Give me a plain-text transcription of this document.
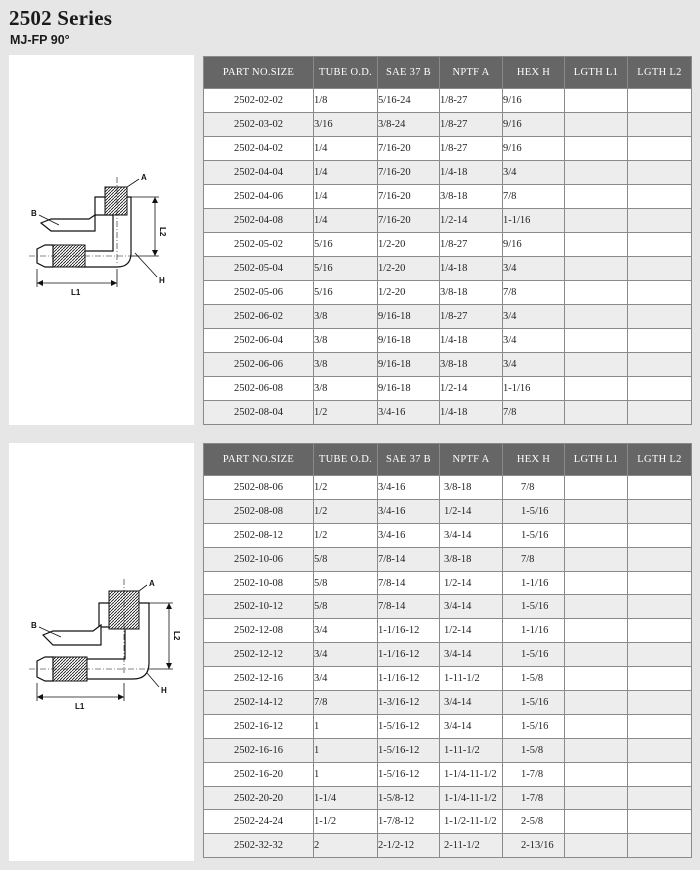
2502 Series
MJ-FP 90°
A
B
H
L1
L2
PART NO.SIZE	TUBE O.D.	SAE 37 B	NPTF A	HEX H	LGTH L1	LGTH L2
2502-02-02	1/8	5/16-24	1/8-27	9/16		
2502-03-02	3/16	3/8-24	1/8-27	9/16		
2502-04-02	1/4	7/16-20	1/8-27	9/16		
2502-04-04	1/4	7/16-20	1/4-18	3/4		
2502-04-06	1/4	7/16-20	3/8-18	7/8		
2502-04-08	1/4	7/16-20	1/2-14	1-1/16		
2502-05-02	5/16	1/2-20	1/8-27	9/16		
2502-05-04	5/16	1/2-20	1/4-18	3/4		
2502-05-06	5/16	1/2-20	3/8-18	7/8		
2502-06-02	3/8	9/16-18	1/8-27	3/4		
2502-06-04	3/8	9/16-18	1/4-18	3/4		
2502-06-06	3/8	9/16-18	3/8-18	3/4		
2502-06-08	3/8	9/16-18	1/2-14	1-1/16		
2502-08-04	1/2	3/4-16	1/4-18	7/8		
A
B
H
L1
L2
PART NO.SIZE	TUBE O.D.	SAE 37 B	NPTF A	HEX H	LGTH L1	LGTH L2
2502-08-06	1/2	3/4-16	3/8-18	7/8		
2502-08-08	1/2	3/4-16	1/2-14	1-5/16		
2502-08-12	1/2	3/4-16	3/4-14	1-5/16		
2502-10-06	5/8	7/8-14	3/8-18	7/8		
2502-10-08	5/8	7/8-14	1/2-14	1-1/16		
2502-10-12	5/8	7/8-14	3/4-14	1-5/16		
2502-12-08	3/4	1-1/16-12	1/2-14	1-1/16		
2502-12-12	3/4	1-1/16-12	3/4-14	1-5/16		
2502-12-16	3/4	1-1/16-12	1-11-1/2	1-5/8		
2502-14-12	7/8	1-3/16-12	3/4-14	1-5/16		
2502-16-12	1	1-5/16-12	3/4-14	1-5/16		
2502-16-16	1	1-5/16-12	1-11-1/2	1-5/8		
2502-16-20	1	1-5/16-12	1-1/4-11-1/2	1-7/8		
2502-20-20	1-1/4	1-5/8-12	1-1/4-11-1/2	1-7/8		
2502-24-24	1-1/2	1-7/8-12	1-1/2-11-1/2	2-5/8		
2502-32-32	2	2-1/2-12	2-11-1/2	2-13/16		
